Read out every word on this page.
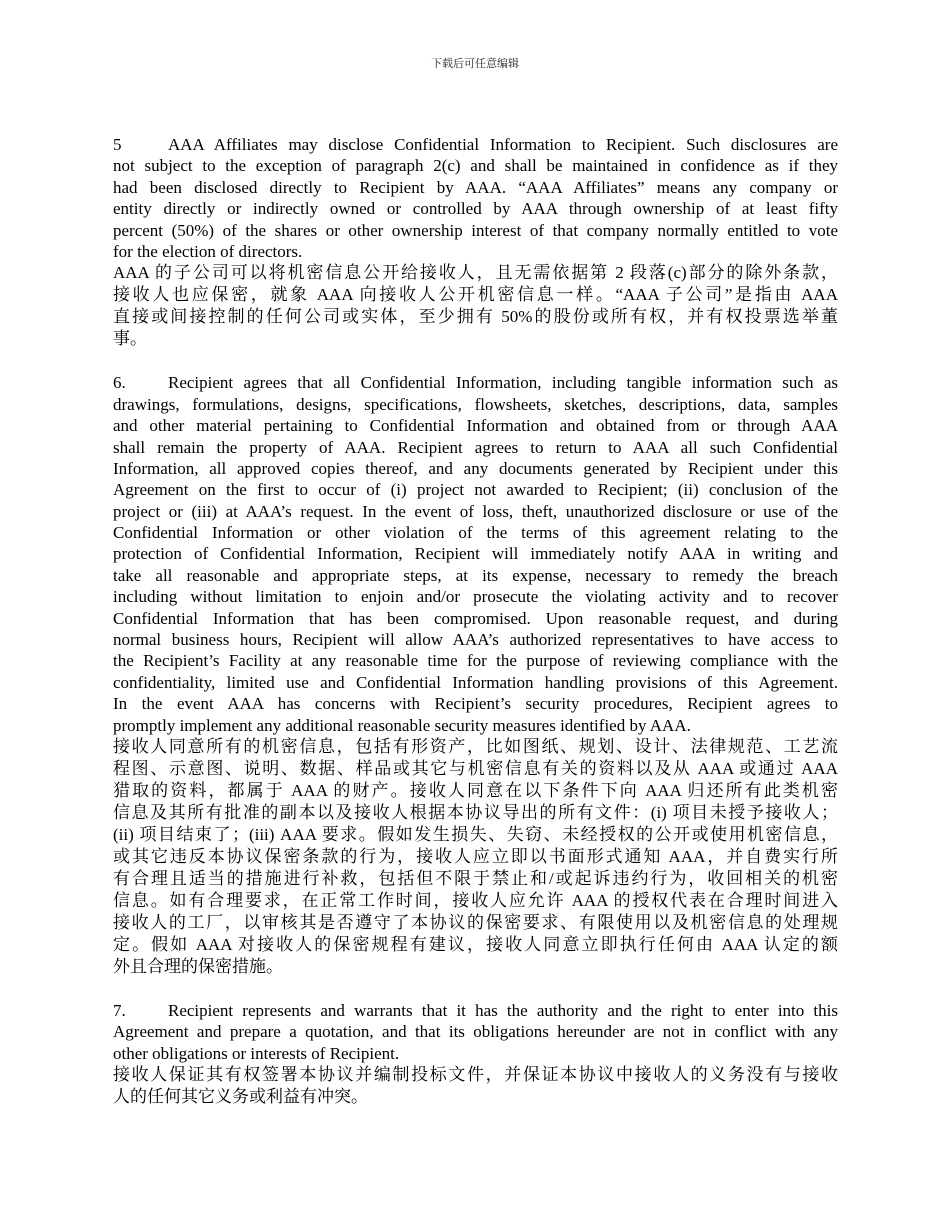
下载后可任意编辑
5	AAA Affiliates may disclose Confidential Information to Recipient. Such disclosures are
not subject to the exception of paragraph 2(c) and shall be maintained in confidence as if they
had been disclosed directly to Recipient by AAA. “AAA Affiliates” means any company or
entity directly or indirectly owned or controlled by AAA through ownership of at least fifty
percent (50%) of the shares or other ownership interest of that company normally entitled to vote
for the election of directors.
AAA 的子公司可以将机密信息公开给接收人，且无需依据第 2 段落(c)部分的除外条款，
接收人也应保密，就象 AAA 向接收人公开机密信息一样。“AAA 子公司”是指由 AAA
直接或间接控制的任何公司或实体，至少拥有 50%的股份或所有权，并有权投票选举董
事。
6. Recipient agrees that all Confidential Information, including tangible information such as
drawings, formulations, designs, specifications, flowsheets, sketches, descriptions, data, samples
and other material pertaining to Confidential Information and obtained from or through AAA
shall remain the property of AAA. Recipient agrees to return to AAA all such Confidential
Information, all approved copies thereof, and any documents generated by Recipient under this
Agreement on the first to occur of (i) project not awarded to Recipient; (ii) conclusion of the
project or (iii) at AAA’s request. In the event of loss, theft, unauthorized disclosure or use of the
Confidential Information or other violation of the terms of this agreement relating to the
protection of Confidential Information, Recipient will immediately notify AAA in writing and
take all reasonable and appropriate steps, at its expense, necessary to remedy the breach
including without limitation to enjoin and/or prosecute the violating activity and to recover
Confidential Information that has been compromised. Upon reasonable request, and during
normal business hours, Recipient will allow AAA’s authorized representatives to have access to
the Recipient’s Facility at any reasonable time for the purpose of reviewing compliance with the
confidentiality, limited use and Confidential Information handling provisions of this Agreement.
In the event AAA has concerns with Recipient’s security procedures, Recipient agrees to
promptly implement any additional reasonable security measures identified by AAA.
接收人同意所有的机密信息，包括有形资产，比如图纸、规划、设计、法律规范、工艺流
程图、示意图、说明、数据、样品或其它与机密信息有关的资料以及从 AAA 或通过 AAA
猎取的资料，都属于 AAA 的财产。接收人同意在以下条件下向 AAA 归还所有此类机密
信息及其所有批准的副本以及接收人根据本协议导出的所有文件：(i) 项目未授予接收人；
(ii) 项目结束了；(iii) AAA 要求。假如发生损失、失窃、未经授权的公开或使用机密信息，
或其它违反本协议保密条款的行为，接收人应立即以书面形式通知 AAA，并自费实行所
有合理且适当的措施进行补救，包括但不限于禁止和/或起诉违约行为，收回相关的机密
信息。如有合理要求，在正常工作时间，接收人应允许 AAA 的授权代表在合理时间进入
接收人的工厂，以审核其是否遵守了本协议的保密要求、有限使用以及机密信息的处理规
定。假如 AAA 对接收人的保密规程有建议，接收人同意立即执行任何由 AAA 认定的额
外且合理的保密措施。
7. Recipient represents and warrants that it has the authority and the right to enter into this
Agreement and prepare a quotation, and that its obligations hereunder are not in conflict with any
other obligations or interests of Recipient.
接收人保证其有权签署本协议并编制投标文件，并保证本协议中接收人的义务没有与接收
人的任何其它义务或利益有冲突。
